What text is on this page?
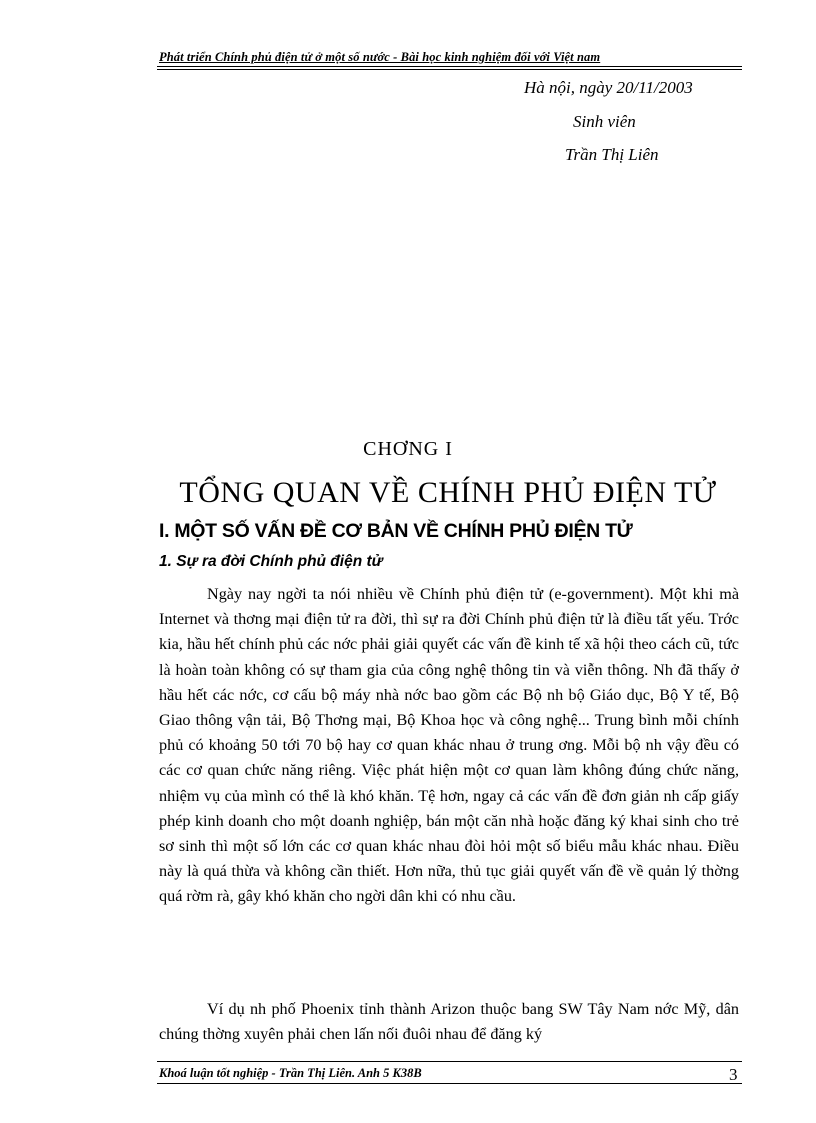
Phát triển Chính phủ điện tử ở một số nước - Bài học kinh nghiệm đối với Việt nam
Hà nội, ngày 20/11/2003
Sinh viên
Trần Thị Liên
CHƠNG I
TỔNG QUAN VỀ CHÍNH PHỦ ĐIỆN TỬ
I. MỘT SỐ VẤN ĐỀ CƠ BẢN VỀ CHÍNH PHỦ ĐIỆN TỬ
1. Sự ra đời Chính phủ điện tử

Ngày nay ngời ta nói nhiều về Chính phủ điện tử (e-government). Một khi mà Internet và thơng mại điện tử ra đời, thì sự ra đời Chính phủ điện tử là điều tất yếu. Trớc kia, hầu hết chính phủ các nớc phải giải quyết các vấn đề kinh tế xã hội theo cách cũ, tức là hoàn toàn không có sự tham gia của công nghệ thông tin và viễn thông. Nh đã thấy ở hầu hết các nớc, cơ cấu bộ máy nhà nớc bao gồm các Bộ nh bộ Giáo dục, Bộ Y tế, Bộ Giao thông vận tải, Bộ Thơng mại, Bộ Khoa học và công nghệ... Trung bình mỗi chính phủ có khoảng 50 tới 70 bộ hay cơ quan khác nhau ở trung ơng. Mỗi bộ nh vậy đều có các cơ quan chức năng riêng. Việc phát hiện một cơ quan làm không đúng chức năng, nhiệm vụ của mình có thể là khó khăn. Tệ hơn, ngay cả các vấn đề đơn giản nh cấp giấy phép kinh doanh cho một doanh nghiệp, bán một căn nhà hoặc đăng ký khai sinh cho trẻ sơ sinh thì một số lớn các cơ quan khác nhau đòi hỏi một số biểu mẫu khác nhau. Điều này là quá thừa và không cần thiết. Hơn nữa, thủ tục giải quyết vấn đề về quản lý thờng quá rờm rà, gây khó khăn cho ngời dân khi có nhu cầu.

Ví dụ nh phố Phoenix tỉnh thành Arizon thuộc bang SW Tây Nam nớc Mỹ, dân chúng thờng xuyên phải chen lấn nối đuôi nhau để đăng ký

Khoá luận tốt nghiệp - Trần Thị Liên. Anh 5 K38B	3
